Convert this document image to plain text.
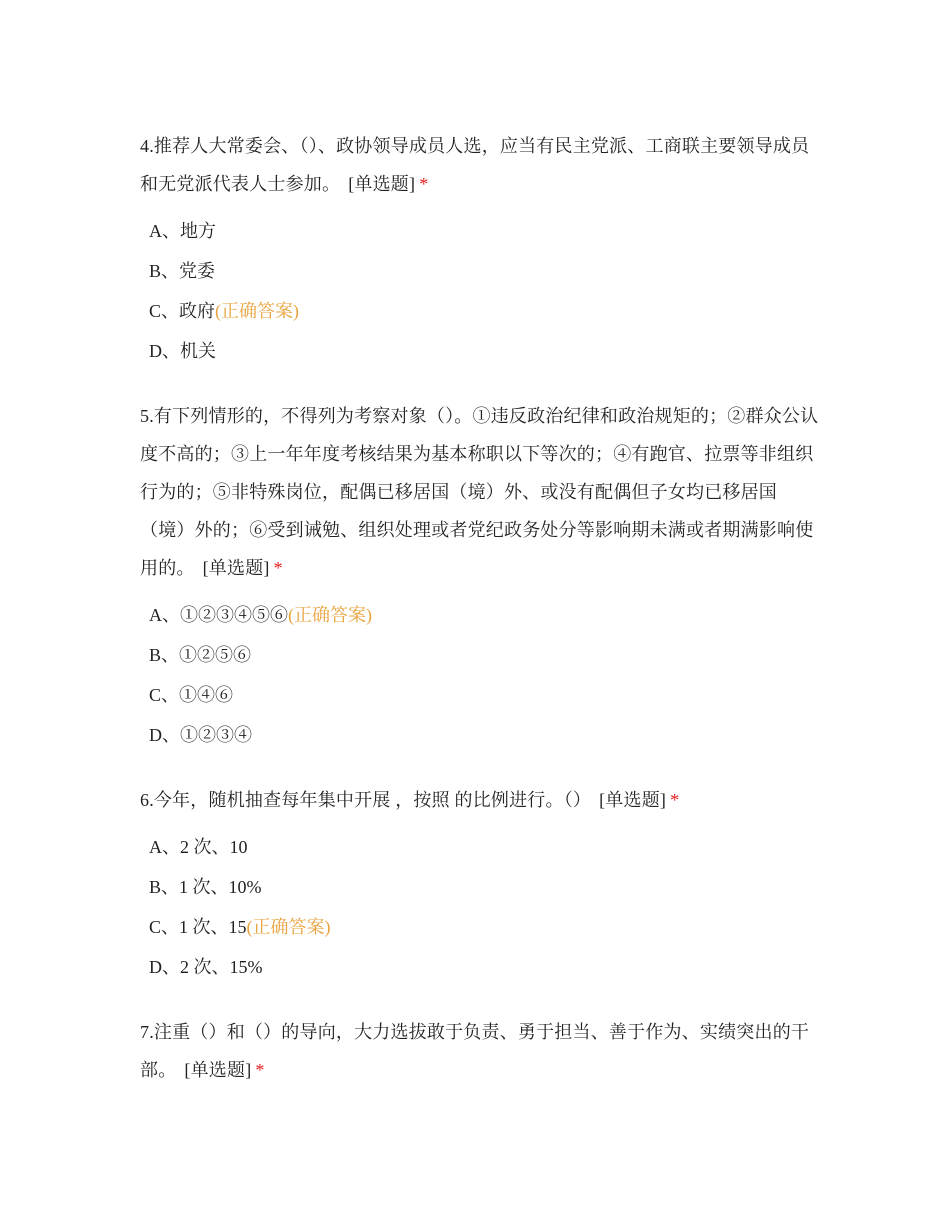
4.推荐人大常委会、（）、政协领导成员人选，应当有民主党派、工商联主要领导成员和无党派代表人士参加。 [单选题] *

A、地方
B、党委
C、政府(正确答案)
D、机关

5.有下列情形的，不得列为考察对象（）。①违反政治纪律和政治规矩的；②群众公认度不高的；③上一年年度考核结果为基本称职以下等次的；④有跑官、拉票等非组织行为的；⑤非特殊岗位，配偶已移居国（境）外、或没有配偶但子女均已移居国（境）外的；⑥受到诫勉、组织处理或者党纪政务处分等影响期未满或者期满影响使用的。 [单选题] *

A、①②③④⑤⑥(正确答案)
B、①②⑤⑥
C、①④⑥
D、①②③④

6.今年，随机抽查每年集中开展 ，按照 的比例进行。（） [单选题] *

A、2 次、10
B、1 次、10%
C、1 次、15(正确答案)
D、2 次、15%

7.注重（）和（）的导向，大力选拔敢于负责、勇于担当、善于作为、实绩突出的干部。 [单选题] *
